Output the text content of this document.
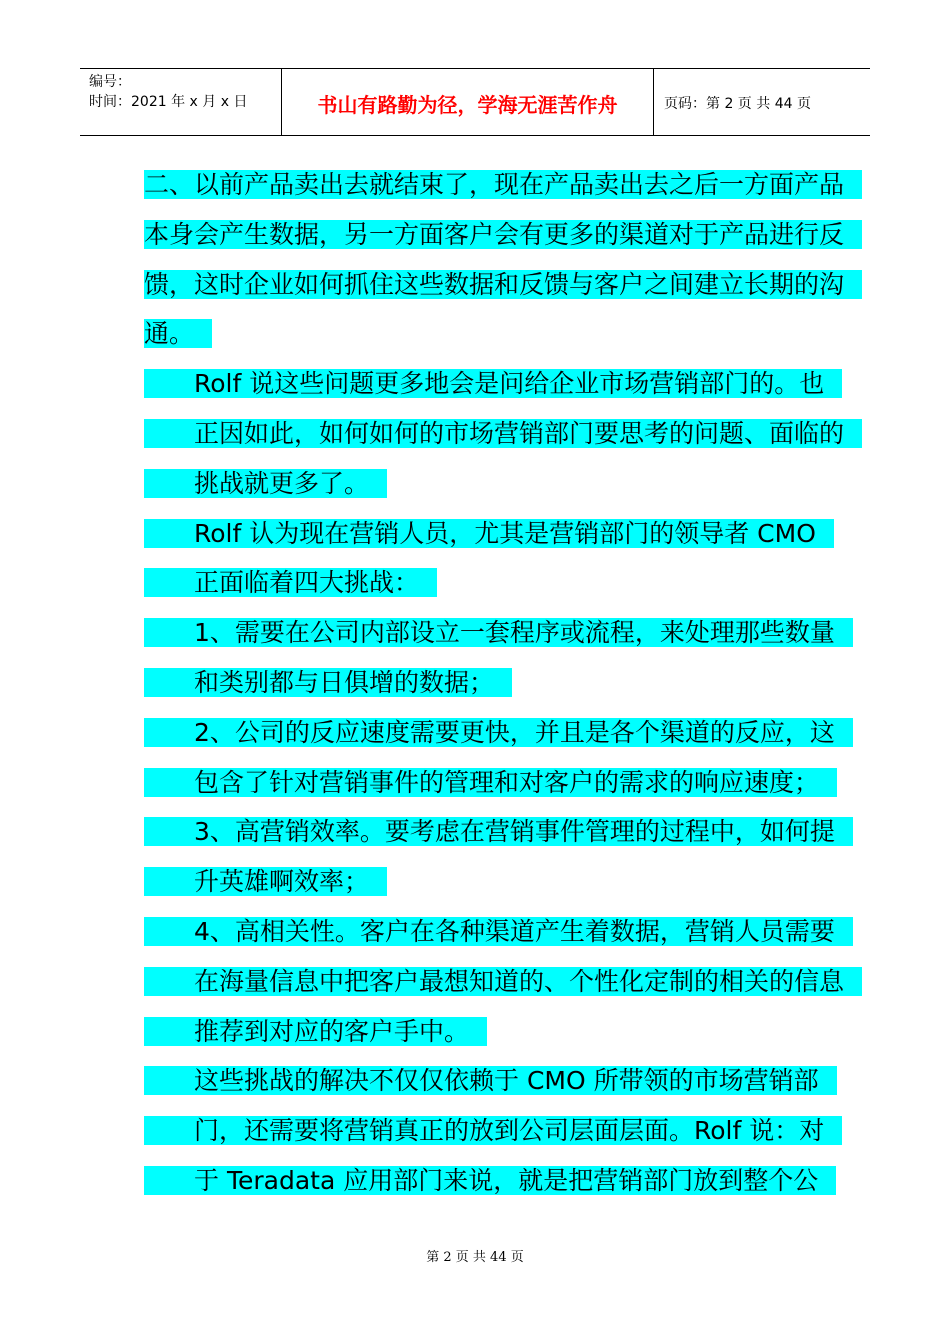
编号：
时间：2021 年 x 月 x 日	书山有路勤为径，学海无涯苦作舟	页码：第 2 页 共 44 页

二、以前产品卖出去就结束了，现在产品卖出去之后一方面产品本身会产生数据，另一方面客户会有更多的渠道对于产品进行反馈，这时企业如何抓住这些数据和反馈与客户之间建立长期的沟通。

Rolf 说这些问题更多地会是问给企业市场营销部门的。也正因如此，如何如何的市场营销部门要思考的问题、面临的挑战就更多了。

Rolf 认为现在营销人员，尤其是营销部门的领导者 CMO 正面临着四大挑战：

1、需要在公司内部设立一套程序或流程，来处理那些数量和类别都与日俱增的数据；

2、公司的反应速度需要更快，并且是各个渠道的反应，这包含了针对营销事件的管理和对客户的需求的响应速度；

3、高营销效率。要考虑在营销事件管理的过程中，如何提升英雄啊效率；

4、高相关性。客户在各种渠道产生着数据，营销人员需要在海量信息中把客户最想知道的、个性化定制的相关的信息推荐到对应的客户手中。

这些挑战的解决不仅仅依赖于 CMO 所带领的市场营销部门，还需要将营销真正的放到公司层面层面。Rolf 说：对于 Teradata 应用部门来说，就是把营销部门放到整个公

第 2 页 共 44 页
